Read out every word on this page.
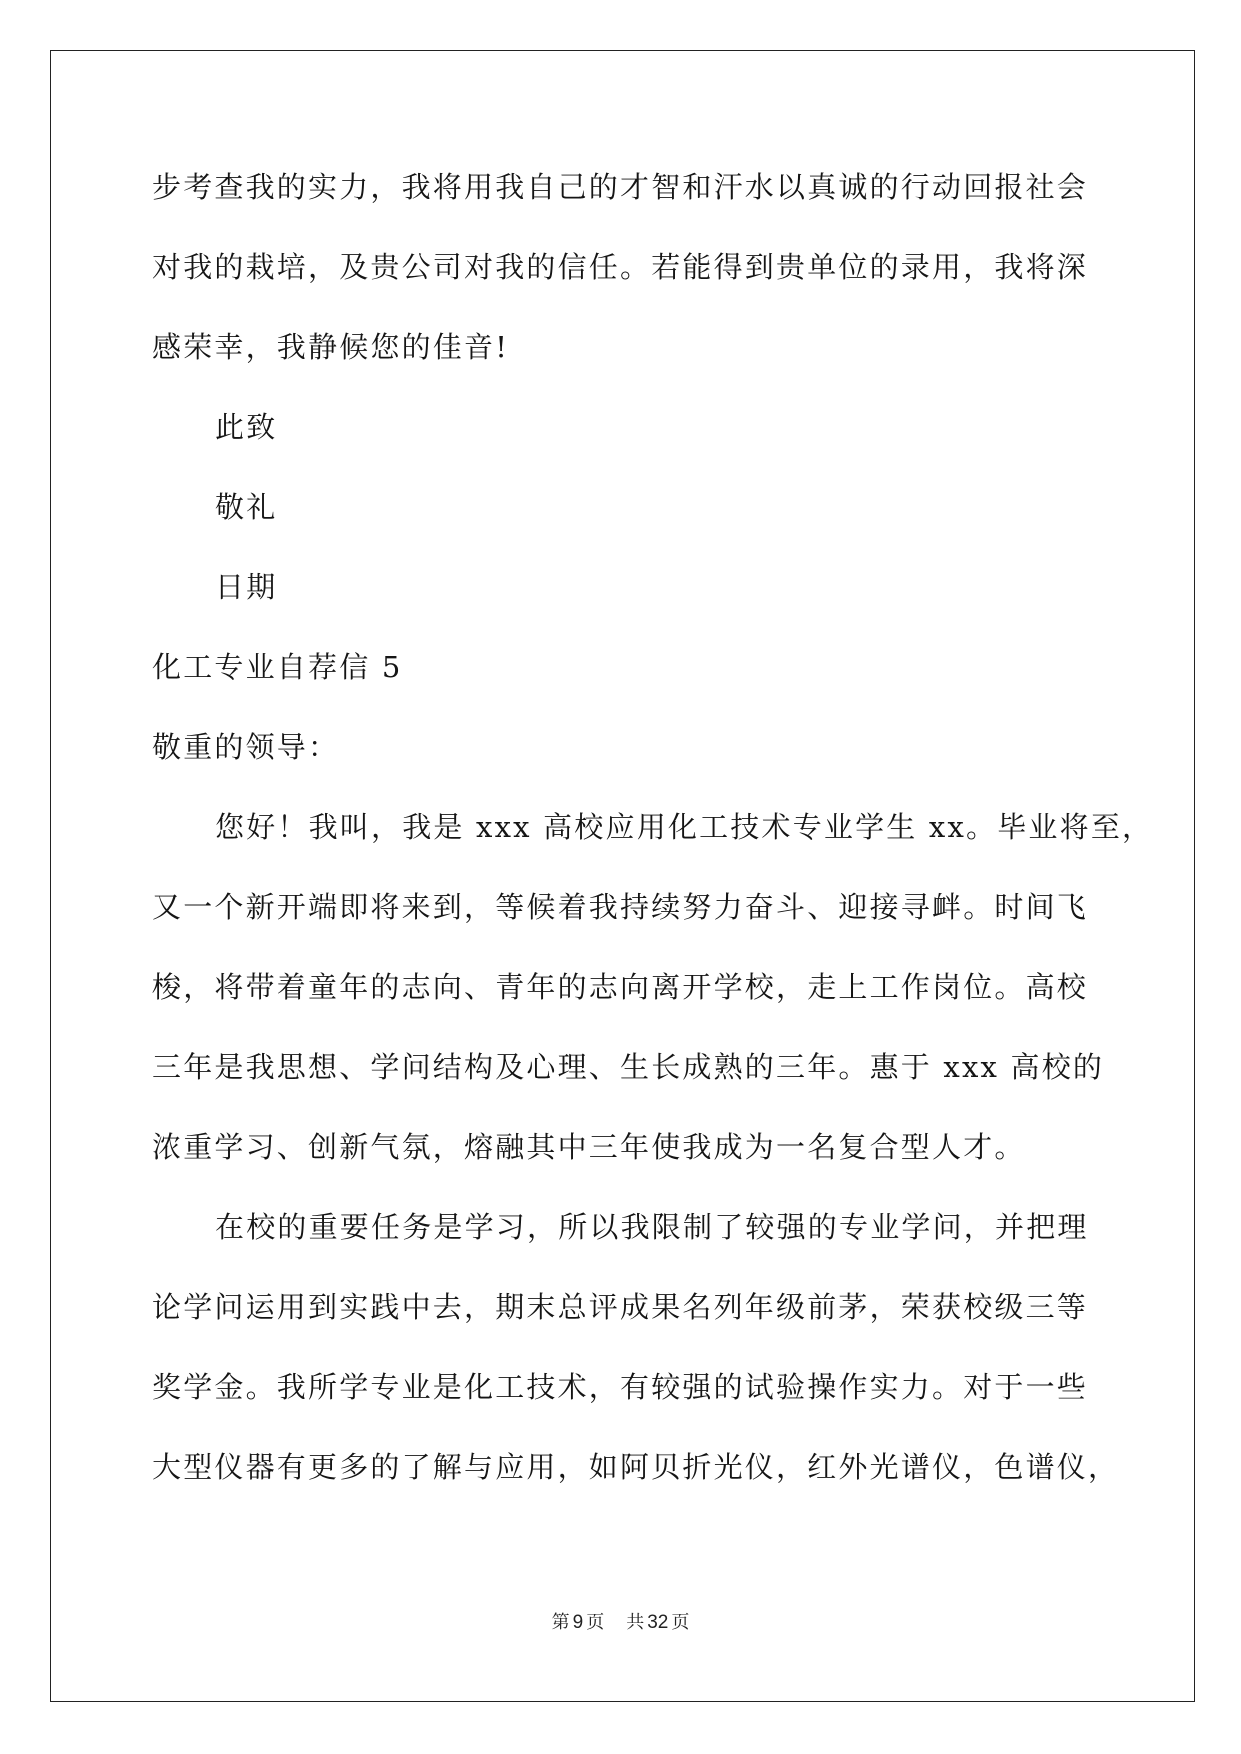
步考查我的实力，我将用我自己的才智和汗水以真诚的行动回报社会
对我的栽培，及贵公司对我的信任。若能得到贵单位的录用，我将深
感荣幸，我静候您的佳音!
此致
敬礼
日期
化工专业自荐信 5
敬重的领导：
您好！我叫，我是 xxx 高校应用化工技术专业学生 xx。毕业将至，
又一个新开端即将来到，等候着我持续努力奋斗、迎接寻衅。时间飞
梭，将带着童年的志向、青年的志向离开学校，走上工作岗位。高校
三年是我思想、学问结构及心理、生长成熟的三年。惠于 xxx 高校的
浓重学习、创新气氛，熔融其中三年使我成为一名复合型人才。
在校的重要任务是学习，所以我限制了较强的专业学问，并把理
论学问运用到实践中去，期末总评成果名列年级前茅，荣获校级三等
奖学金。我所学专业是化工技术，有较强的试验操作实力。对于一些
大型仪器有更多的了解与应用，如阿贝折光仪，红外光谱仪，色谱仪，
第 9 页 共 32 页
